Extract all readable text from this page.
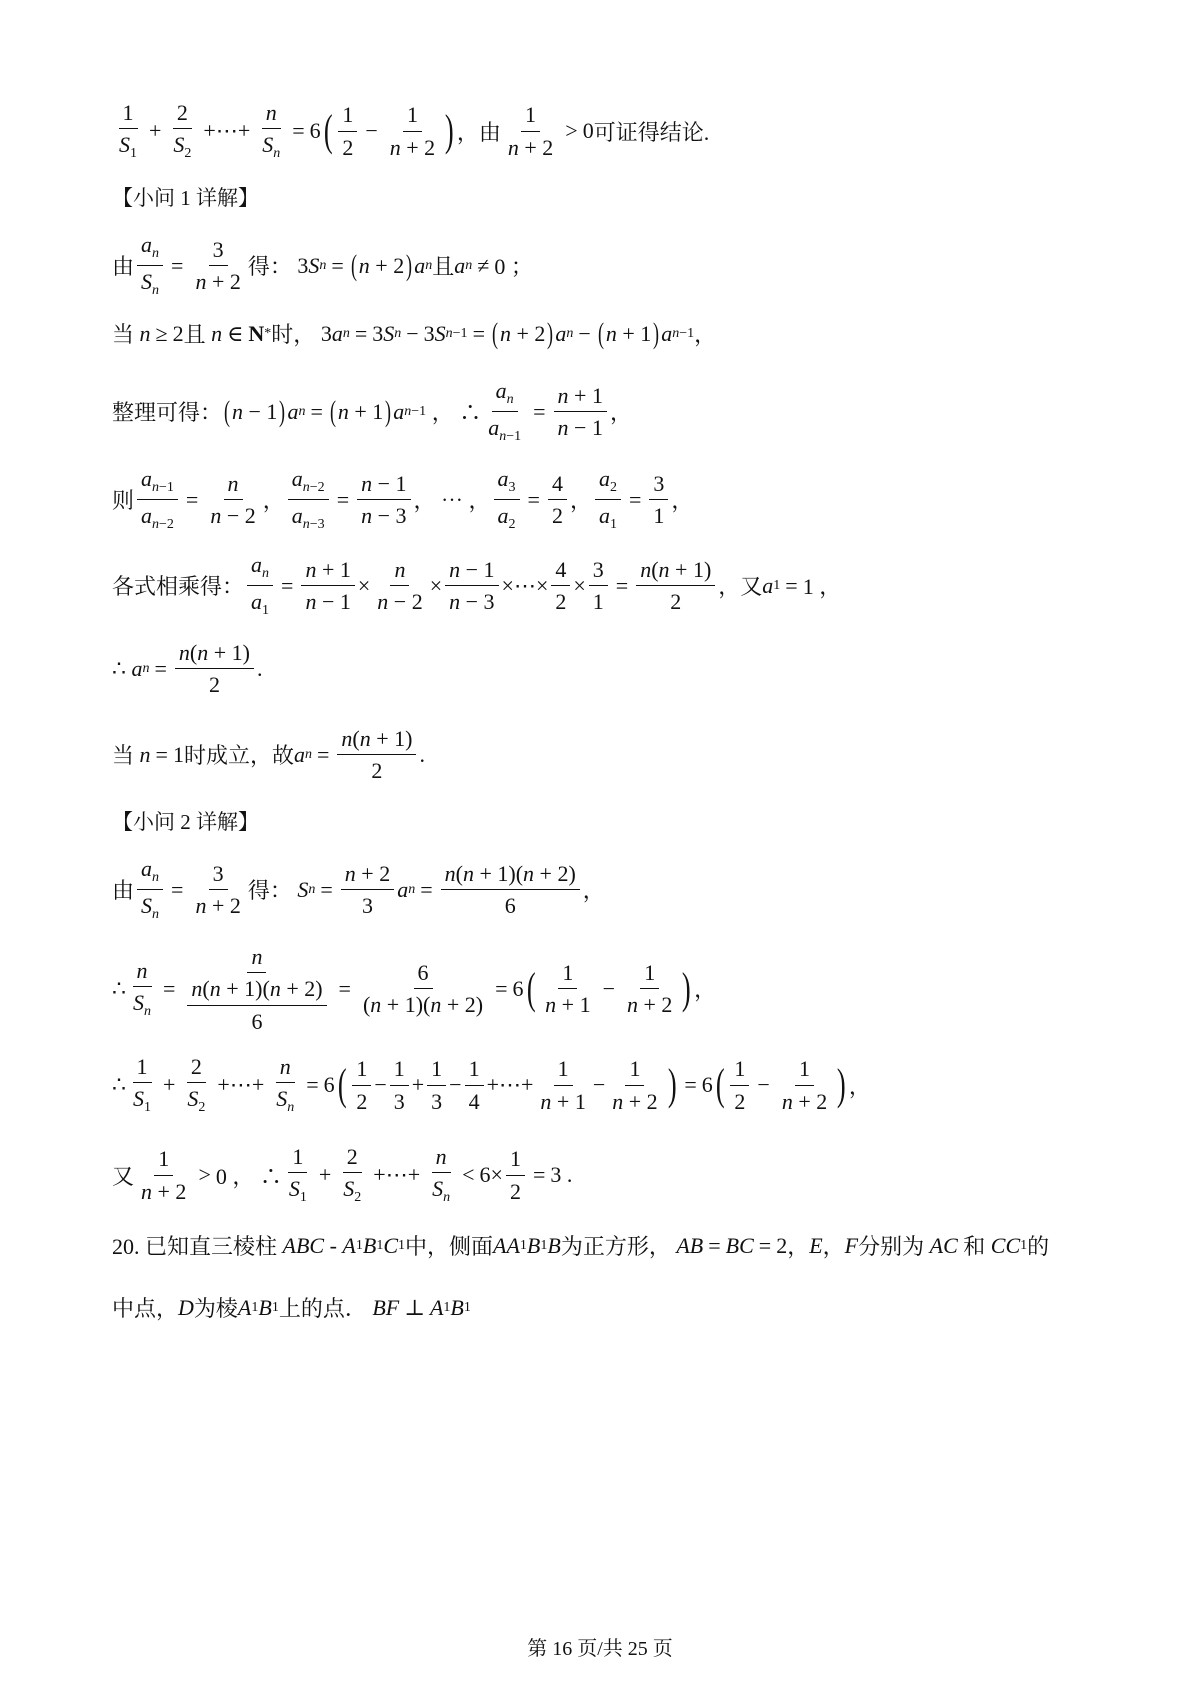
$\frac{1}{S_1} + \frac{2}{S_2}$ +⋯+ $\frac{n}{S_n} = 6$ ( $\frac{1}{2} - \frac{1}{n + 2}$ ) ，由 $\frac{1}{n + 2} > 0$ 可证得结论.
【小问 1 详解】
由 $\frac{a_n}{S_n} = \frac{3}{n + 2}$ 得： 3 S n = ( n + 2 ) a n 且 a n ≠ 0 ；
当 n ≥ 2 且 n ∈ N * 时， 3 a n = 3 S n − 3 S n−1 = ( n + 2 ) a n − ( n + 1 ) a n−1 ，
整理可得： ( n − 1 ) a n = ( n + 1 ) a n−1 ， ∴ $\frac{a_n}{a_{n-1}} = \frac{n + 1}{n - 1}$ ，
则 $\frac{a_{n-1}}{a_{n-2}} = \frac{n}{n - 2}$ ， $\frac{a_{n-2}}{a_{n-3}} = \frac{n - 1}{n - 3}$ ， ⋯ ， $\frac{a_3}{a_2} = \frac{4}{2}$ ， $\frac{a_2}{a_1} = \frac{3}{1}$ ，
各式相乘得： $\frac{a_n}{a_1} = \frac{n + 1}{n - 1} \times \frac{n}{n - 2} \times \frac{n - 1}{n - 3}$ ×⋯× $\frac{4}{2} \times \frac{3}{1} = \frac{n(n + 1)}{2}$ ，又 a 1 = 1 ，
∴ a $n = \frac{n(n + 1)}{2}$ .
当 n = 1 时成立，故 a $n = \frac{n(n + 1)}{2}$ .
【小问 2 详解】
由 $\frac{a_n}{S_n} = \frac{3}{n + 2}$ 得：
S $n = \frac{n + 2}{3}$ a $n = \frac{n(n + 1)(n + 2)}{6}$ ，
∴ $\frac{n}{S_n} = \frac{n}{\frac{n(n + 1)(n + 2)}{6}} = \frac{6}{(n + 1)(n + 2)} = 6$ ( $\frac{1}{n + 1} - \frac{1}{n + 2}$ ) ，
∴ $\frac{1}{S_1} + \frac{2}{S_2}$ +⋯+ $\frac{n}{S_n} = 6$ ( $\frac{1}{2} - \frac{1}{3} + \frac{1}{3} - \frac{1}{4}$ +⋯+ $\frac{1}{n + 1} - \frac{1}{n + 2}$ ) = 6 ( $\frac{1}{2} - \frac{1}{n + 2}$ ) ，
又 $\frac{1}{n + 2} > 0$ ， ∴ $\frac{1}{S_1} + \frac{2}{S_2}$ +⋯+ $\frac{n}{S_n} < 6\times \frac{1}{2} = 3$ .
20. 已知直三棱柱
ABC - A 1 B 1 C 1 中，侧面 AA 1 B 1 B 为正方形，
AB = BC = 2 ， E ， F 分别为 AC 和 CC 1 的
中点， D 为棱 A 1 B 1 上的点．
BF ⊥ A 1 B 1
第 16 页/共 25 页
